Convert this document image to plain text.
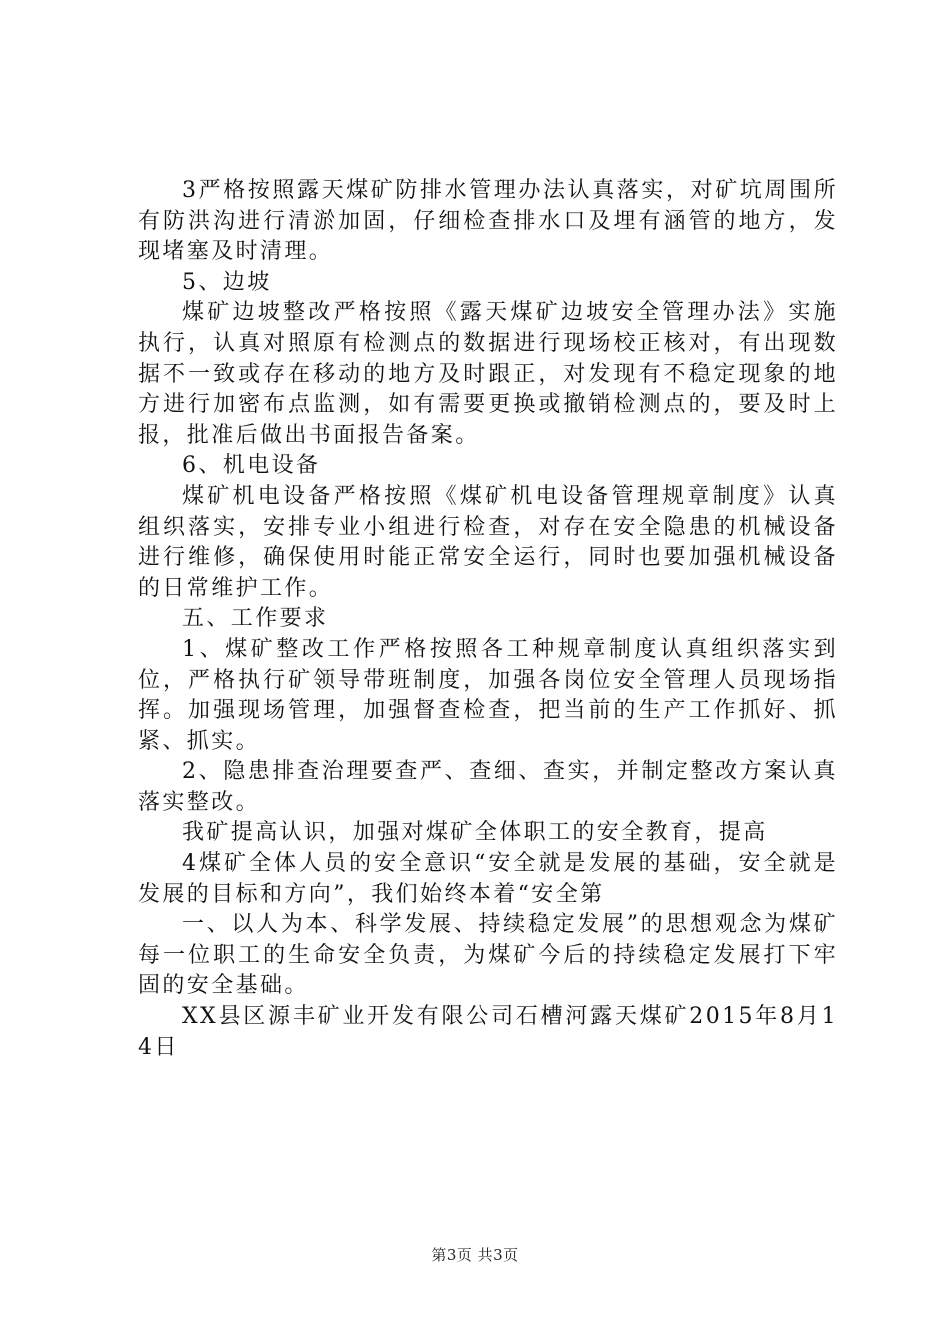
3严格按照露天煤矿防排水管理办法认真落实，对矿坑周围所有防洪沟进行清淤加固，仔细检查排水口及埋有涵管的地方，发现堵塞及时清理。

5、边坡

煤矿边坡整改严格按照《露天煤矿边坡安全管理办法》实施执行，认真对照原有检测点的数据进行现场校正核对，有出现数据不一致或存在移动的地方及时跟正，对发现有不稳定现象的地方进行加密布点监测，如有需要更换或撤销检测点的，要及时上报，批准后做出书面报告备案。

6、机电设备

煤矿机电设备严格按照《煤矿机电设备管理规章制度》认真组织落实，安排专业小组进行检查，对存在安全隐患的机械设备进行维修，确保使用时能正常安全运行，同时也要加强机械设备的日常维护工作。

五、工作要求

1、煤矿整改工作严格按照各工种规章制度认真组织落实到位，严格执行矿领导带班制度，加强各岗位安全管理人员现场指挥。加强现场管理，加强督查检查，把当前的生产工作抓好、抓紧、抓实。

2、隐患排查治理要查严、查细、查实，并制定整改方案认真落实整改。

我矿提高认识，加强对煤矿全体职工的安全教育，提高

4煤矿全体人员的安全意识“安全就是发展的基础，安全就是发展的目标和方向”，我们始终本着“安全第

一、以人为本、科学发展、持续稳定发展”的思想观念为煤矿每一位职工的生命安全负责，为煤矿今后的持续稳定发展打下牢固的安全基础。

XX县区源丰矿业开发有限公司石槽河露天煤矿2015年8月14日

第3页 共3页
